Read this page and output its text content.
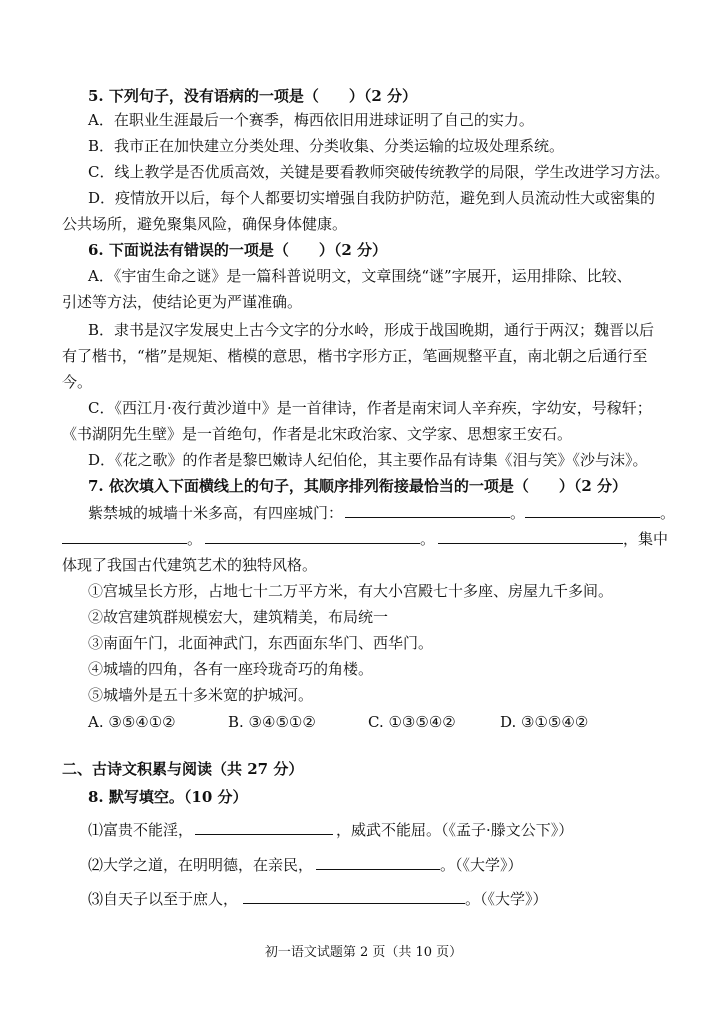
5. 下列句子，没有语病的一项是（　　）（2 分）
A．在职业生涯最后一个赛季，梅西依旧用进球证明了自己的实力。
B．我市正在加快建立分类处理、分类收集、分类运输的垃圾处理系统。
C．线上教学是否优质高效，关键是要看教师突破传统教学的局限，学生改进学习方法。
D．疫情放开以后，每个人都要切实增强自我防护防范，避免到人员流动性大或密集的
公共场所，避免聚集风险，确保身体健康。
6. 下面说法有错误的一项是（　　）（2 分）
A．《宇宙生命之谜》是一篇科普说明文，文章围绕“谜”字展开，运用排除、比较、
引述等方法，使结论更为严谨准确。
B．隶书是汉字发展史上古今文字的分水岭，形成于战国晚期，通行于两汉；魏晋以后
有了楷书，“楷”是规矩、楷模的意思，楷书字形方正，笔画规整平直，南北朝之后通行至
今。
C．《西江月·夜行黄沙道中》是一首律诗，作者是南宋词人辛弃疾，字幼安，号稼轩；
《书湖阴先生壁》是一首绝句，作者是北宋政治家、文学家、思想家王安石。
D．《花之歌》的作者是黎巴嫩诗人纪伯伦，其主要作品有诗集《泪与笑》《沙与沫》。
7. 依次填入下面横线上的句子，其顺序排列衔接最恰当的一项是（　　）（2 分）
紫禁城的城墙十米多高，有四座城门：	。	。
。	。	，集中
体现了我国古代建筑艺术的独特风格。
①宫城呈长方形，占地七十二万平方米，有大小宫殿七十多座、房屋九千多间。
②故宫建筑群规模宏大，建筑精美，布局统一
③南面午门，北面神武门，东西面东华门、西华门。
④城墙的四角，各有一座玲珑奇巧的角楼。
⑤城墙外是五十多米宽的护城河。
A. ③⑤④①②	B. ③④⑤①②	C. ①③⑤④②	D. ③①⑤④②
二、古诗文积累与阅读（共 27 分）
8. 默写填空。（10 分）
⑴富贵不能淫，	，威武不能屈。（《孟子·滕文公下》）
⑵大学之道，在明明德，在亲民，	。（《大学》）
⑶自天子以至于庶人，	。（《大学》）
初一语文试题第 2 页（共 10 页）
